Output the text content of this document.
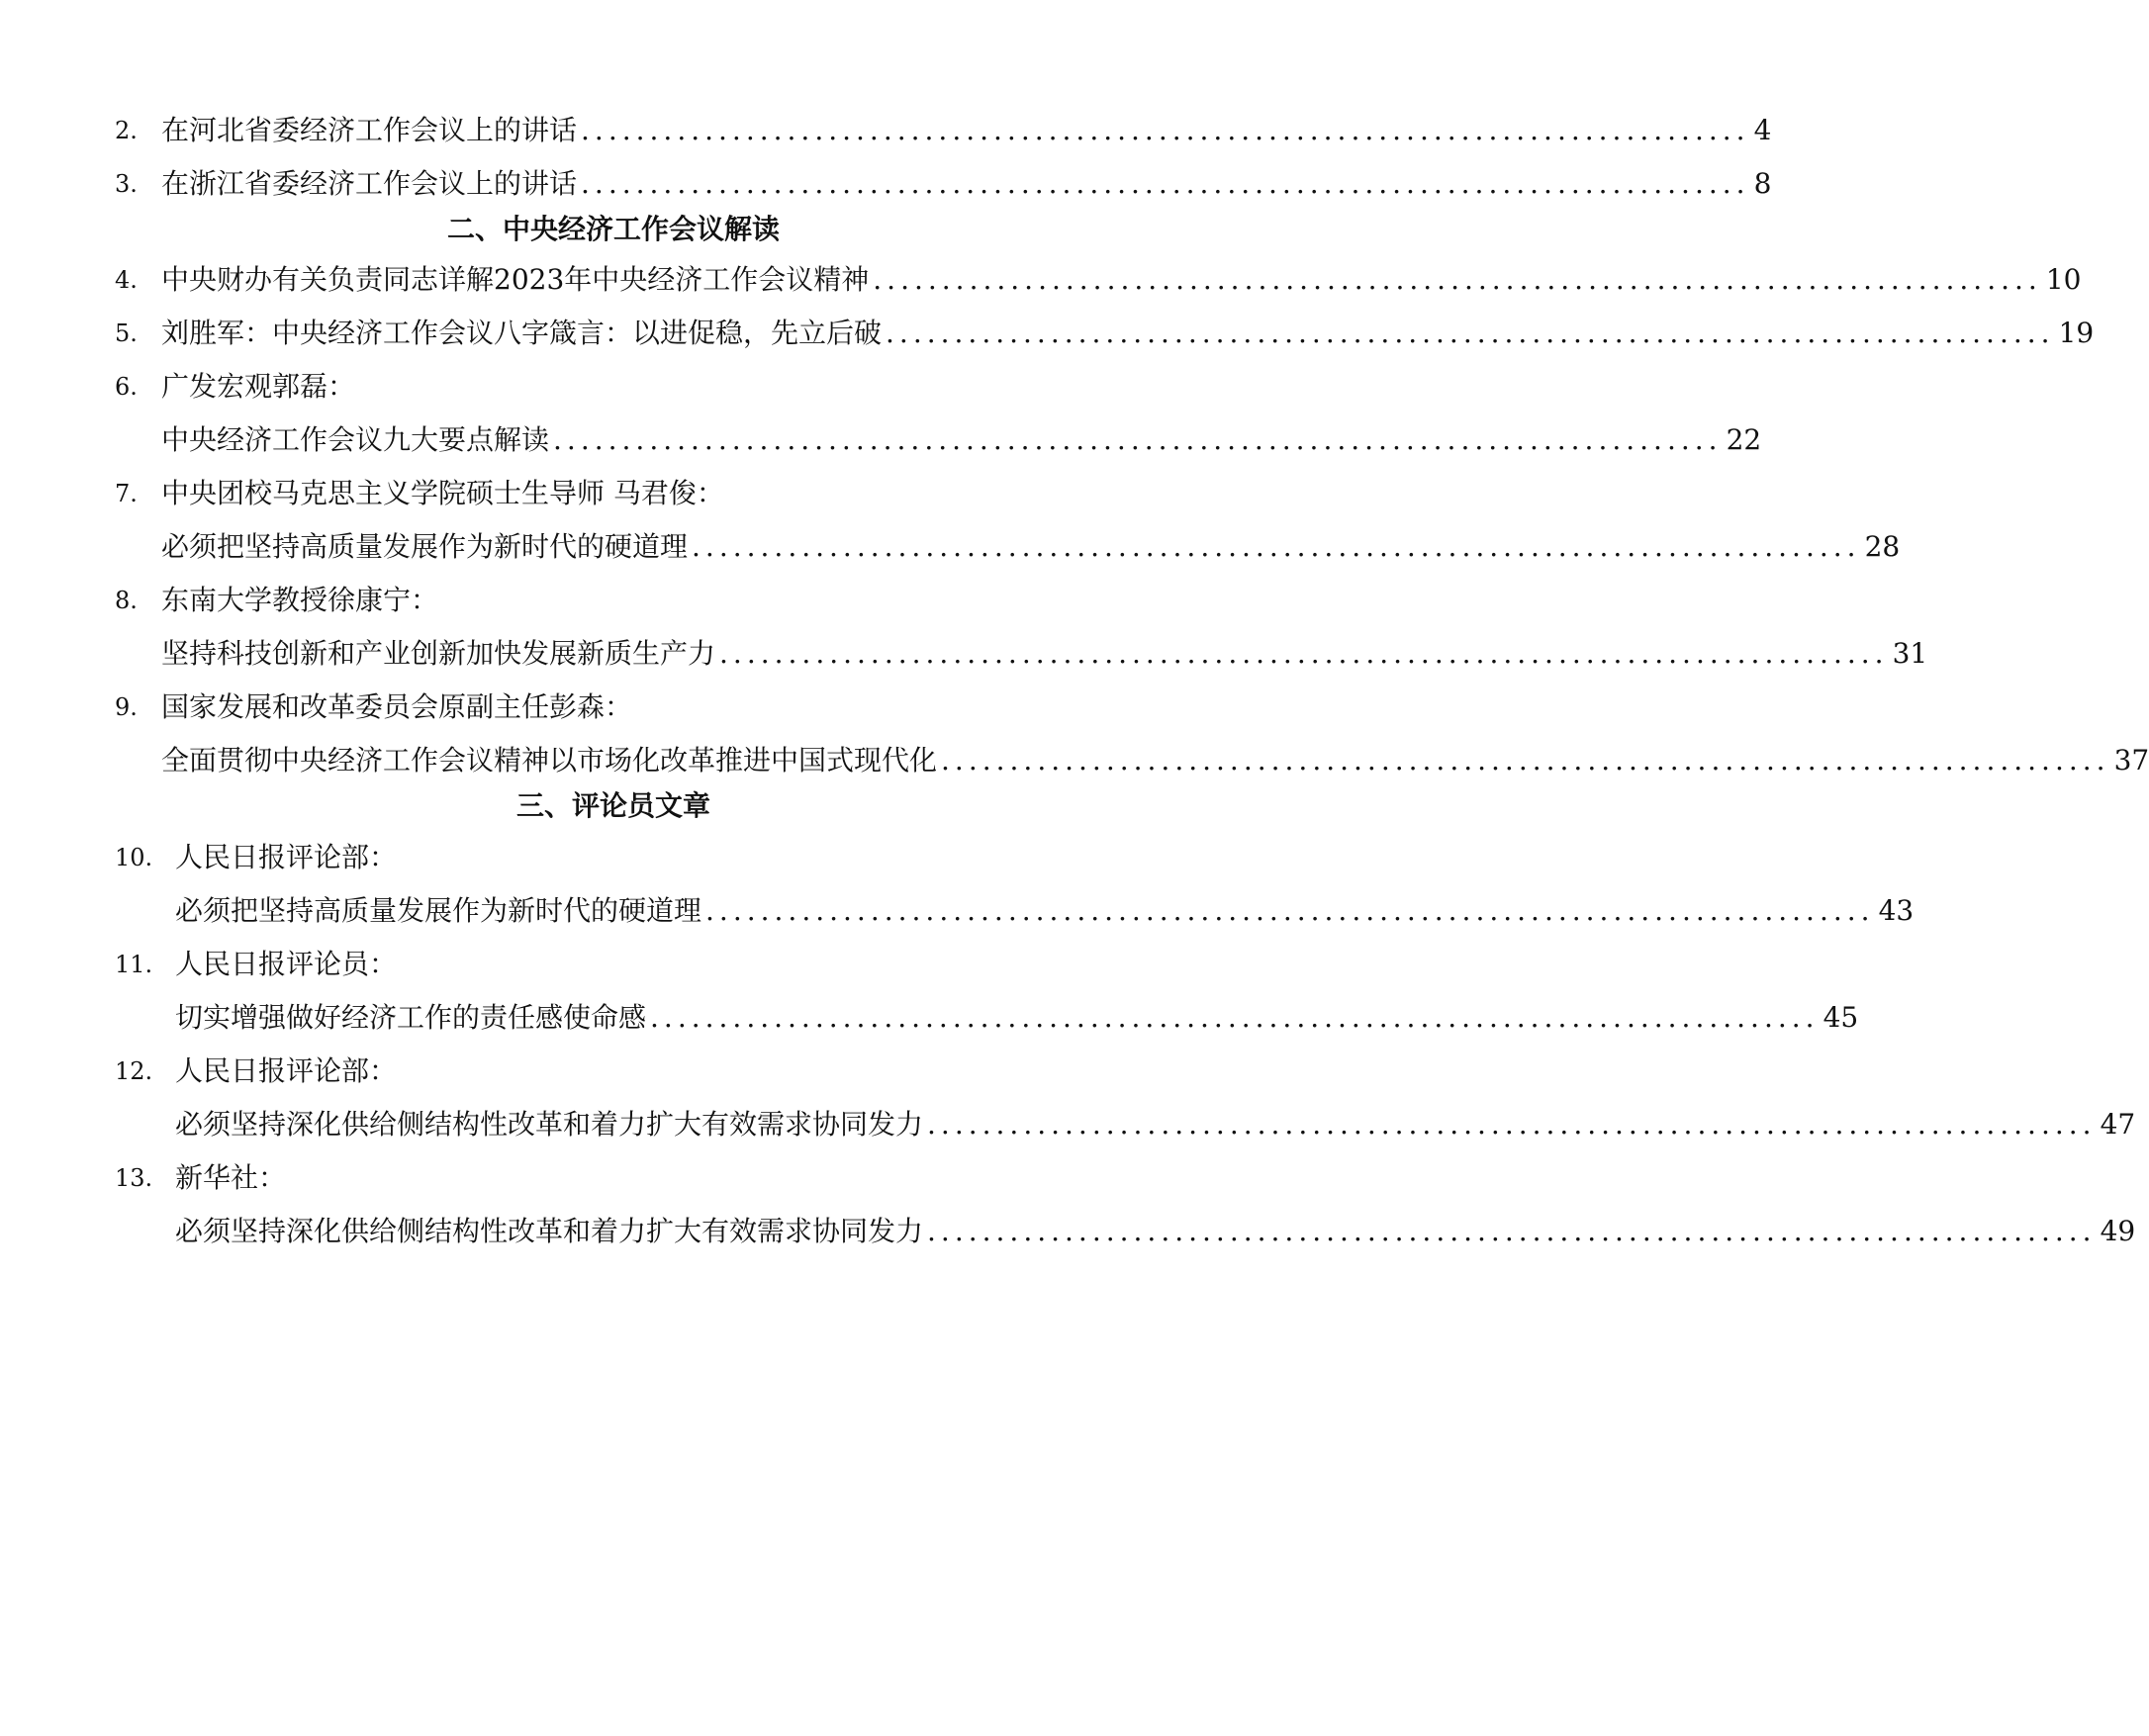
2. 在河北省委经济工作会议上的讲话 ..................................................................................... 4
3. 在浙江省委经济工作会议上的讲话 ..................................................................................... 8
二、中央经济工作会议解读
4. 中央财办有关负责同志详解2023年中央经济工作会议精神 ..................................................................................... 10
5. 刘胜军：中央经济工作会议八字箴言：以进促稳，先立后破 ..................................................................................... 19
6. 广发宏观郭磊：
中央经济工作会议九大要点解读 ..................................................................................... 22
7. 中央团校马克思主义学院硕士生导师 马君俊：
必须把坚持高质量发展作为新时代的硬道理 ..................................................................................... 28
8. 东南大学教授徐康宁：
坚持科技创新和产业创新加快发展新质生产力 ..................................................................................... 31
9. 国家发展和改革委员会原副主任彭森：
全面贯彻中央经济工作会议精神以市场化改革推进中国式现代化 ..................................................................................... 37
三、评论员文章
10. 人民日报评论部：
必须把坚持高质量发展作为新时代的硬道理 ..................................................................................... 43
11. 人民日报评论员：
切实增强做好经济工作的责任感使命感 ..................................................................................... 45
12. 人民日报评论部：
必须坚持深化供给侧结构性改革和着力扩大有效需求协同发力 ..................................................................................... 47
13. 新华社：
必须坚持深化供给侧结构性改革和着力扩大有效需求协同发力 ..................................................................................... 49
